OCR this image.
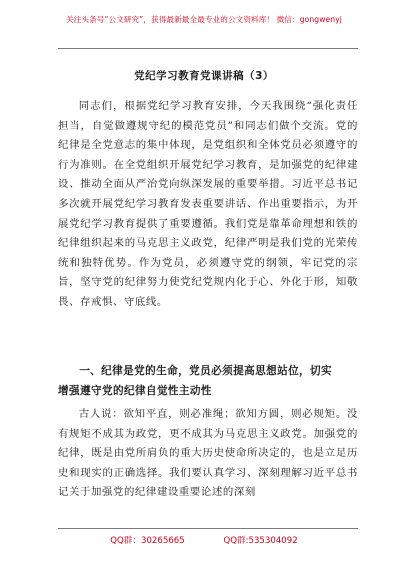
关注头条号“公文研究”，获得最新最全最专业的公文资料库！ 微信：gongwenyj
党纪学习教育党课讲稿（3）

同志们，根据党纪学习教育安排，今天我围绕“强化责任担当，自觉做遵规守纪的模范党员”和同志们做个交流。党的纪律是全党意志的集中体现，是党组织和全体党员必须遵守的行为准则。在全党组织开展党纪学习教育，是加强党的纪律建设、推动全面从严治党向纵深发展的重要举措。习近平总书记多次就开展党纪学习教育发表重要讲话、作出重要指示，为开展党纪学习教育提供了重要遵循。我们党是靠革命理想和铁的纪律组织起来的马克思主义政党，纪律严明是我们党的光荣传统和独特优势。作为党员，必须遵守党的纲领，牢记党的宗旨，坚守党的纪律努力使党纪党规内化于心、外化于形，知敬畏、存戒惧、守底线。

一、纪律是党的生命，党员必须提高思想站位，切实
增强遵守党的纪律自觉性主动性

古人说：欲知平直，则必准绳；欲知方圆，则必规矩。没有规矩不成其为政党，更不成其为马克思主义政党。加强党的纪律，既是由党所肩负的重大历史使命所决定的，也是立足历史和现实的正确选择。我们要认真学习、深刻理解习近平总书记关于加强党的纪律建设重要论述的深刻

QQ群：30265665	QQ群:535304092
